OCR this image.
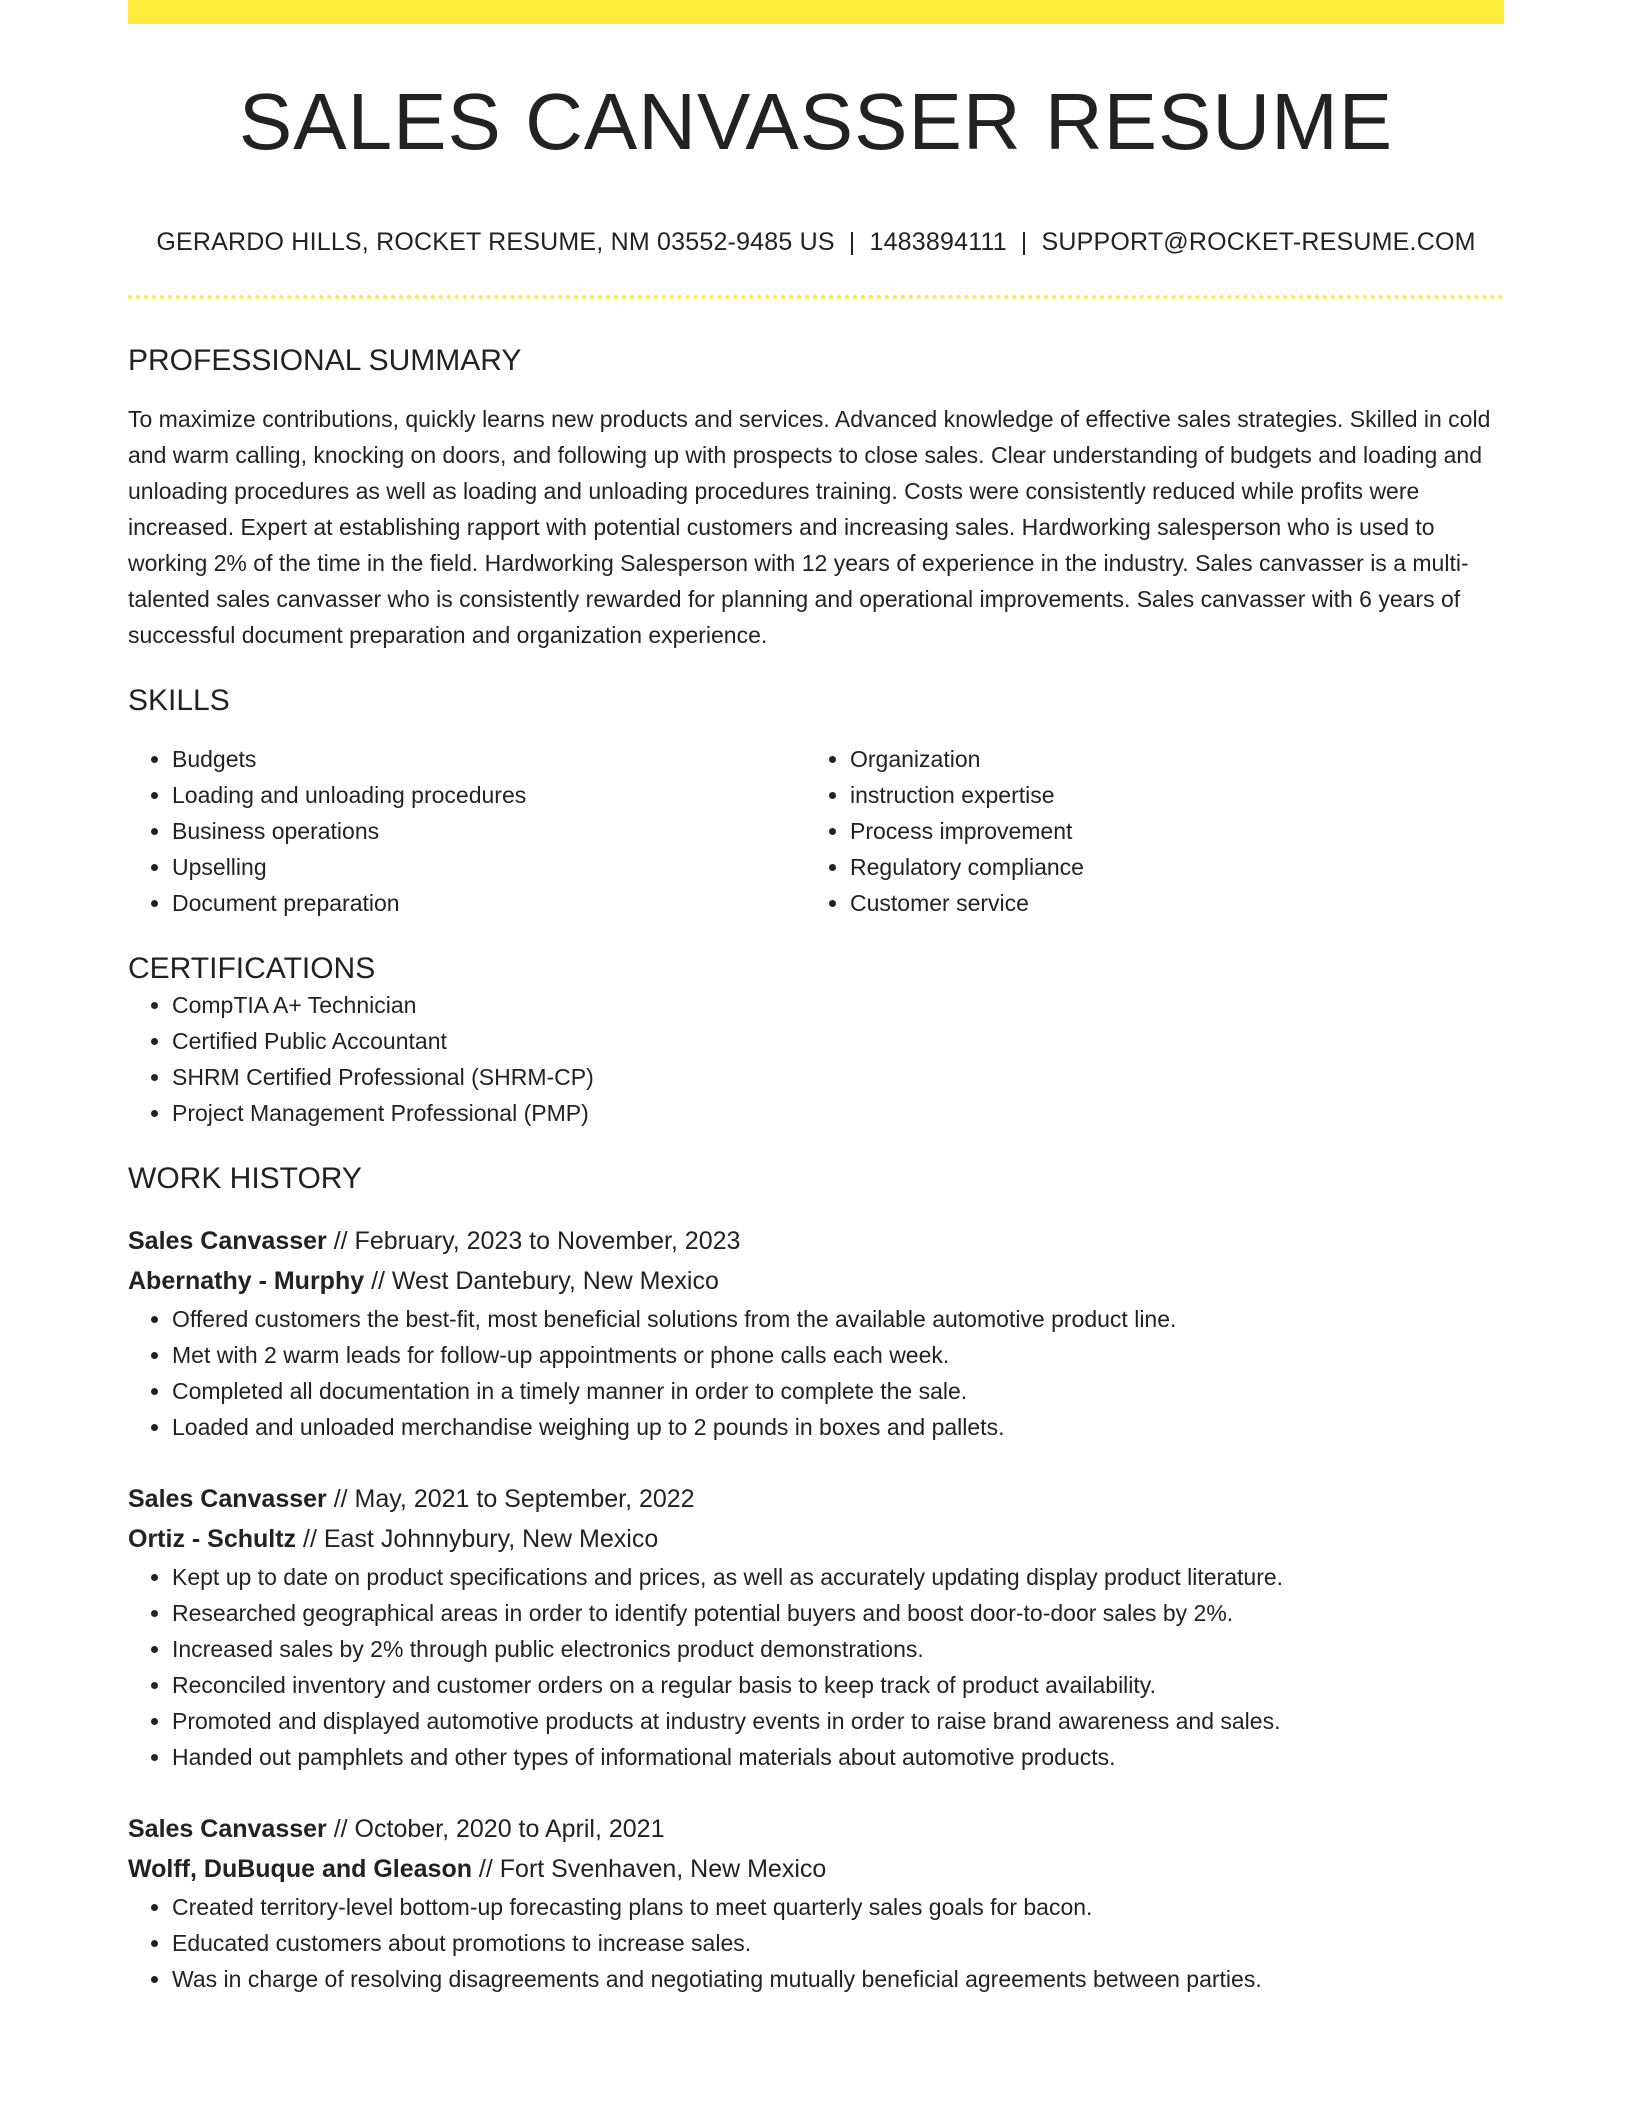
SALES CANVASSER RESUME
GERARDO HILLS, ROCKET RESUME, NM 03552-9485 US | 1483894111 | SUPPORT@ROCKET-RESUME.COM
PROFESSIONAL SUMMARY
To maximize contributions, quickly learns new products and services. Advanced knowledge of effective sales strategies. Skilled in cold and warm calling, knocking on doors, and following up with prospects to close sales. Clear understanding of budgets and loading and unloading procedures as well as loading and unloading procedures training. Costs were consistently reduced while profits were increased. Expert at establishing rapport with potential customers and increasing sales. Hardworking salesperson who is used to working 2% of the time in the field. Hardworking Salesperson with 12 years of experience in the industry. Sales canvasser is a multi-talented sales canvasser who is consistently rewarded for planning and operational improvements. Sales canvasser with 6 years of successful document preparation and organization experience.
SKILLS
• Budgets
• Loading and unloading procedures
• Business operations
• Upselling
• Document preparation
• Organization
• instruction expertise
• Process improvement
• Regulatory compliance
• Customer service
CERTIFICATIONS
• CompTIA A+ Technician
• Certified Public Accountant
• SHRM Certified Professional (SHRM-CP)
• Project Management Professional (PMP)
WORK HISTORY
Sales Canvasser // February, 2023 to November, 2023
Abernathy - Murphy // West Dantebury, New Mexico
• Offered customers the best-fit, most beneficial solutions from the available automotive product line.
• Met with 2 warm leads for follow-up appointments or phone calls each week.
• Completed all documentation in a timely manner in order to complete the sale.
• Loaded and unloaded merchandise weighing up to 2 pounds in boxes and pallets.
Sales Canvasser // May, 2021 to September, 2022
Ortiz - Schultz // East Johnnybury, New Mexico
• Kept up to date on product specifications and prices, as well as accurately updating display product literature.
• Researched geographical areas in order to identify potential buyers and boost door-to-door sales by 2%.
• Increased sales by 2% through public electronics product demonstrations.
• Reconciled inventory and customer orders on a regular basis to keep track of product availability.
• Promoted and displayed automotive products at industry events in order to raise brand awareness and sales.
• Handed out pamphlets and other types of informational materials about automotive products.
Sales Canvasser // October, 2020 to April, 2021
Wolff, DuBuque and Gleason // Fort Svenhaven, New Mexico
• Created territory-level bottom-up forecasting plans to meet quarterly sales goals for bacon.
• Educated customers about promotions to increase sales.
• Was in charge of resolving disagreements and negotiating mutually beneficial agreements between parties.
